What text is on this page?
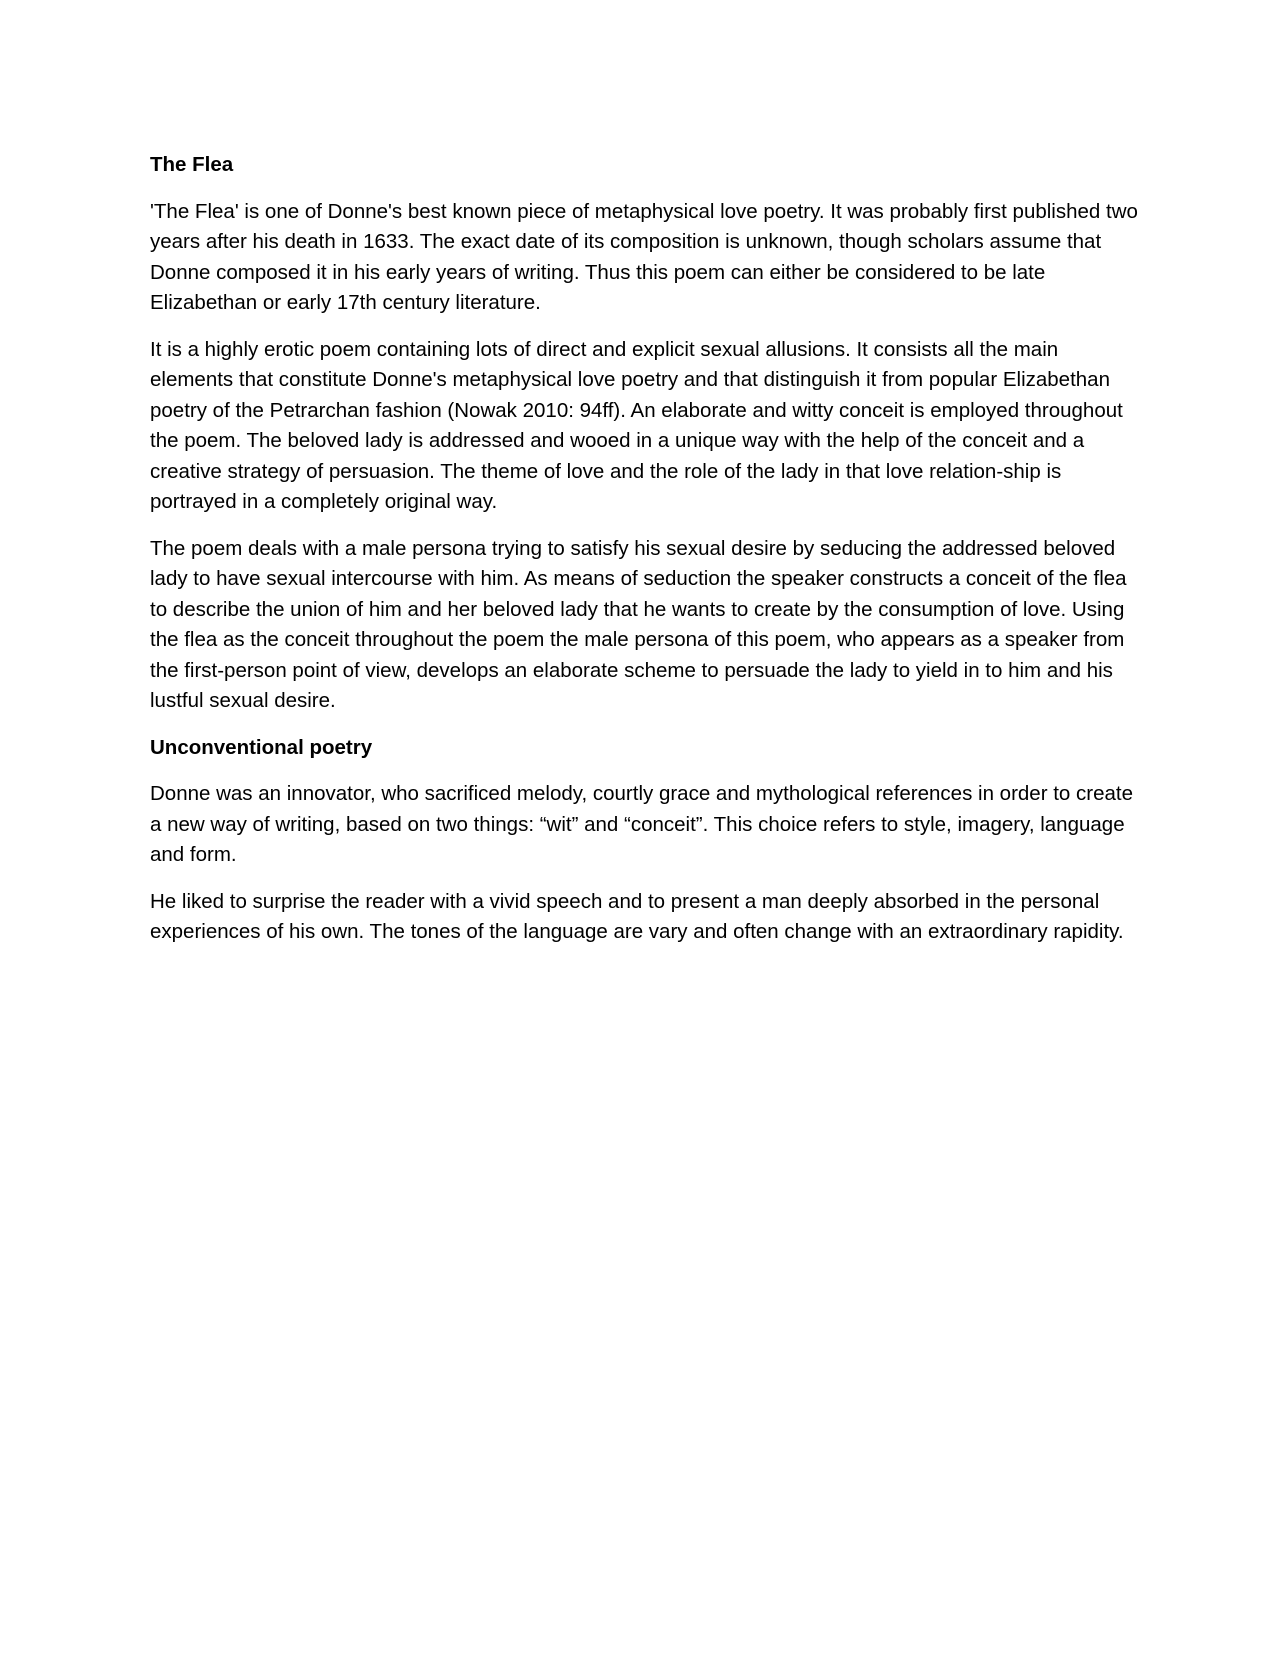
The Flea

'The Flea' is one of Donne's best known piece of metaphysical love poetry. It was probably first published two years after his death in 1633. The exact date of its composition is unknown, though scholars assume that Donne composed it in his early years of writing. Thus this poem can either be considered to be late Elizabethan or early 17th century literature.

It is a highly erotic poem containing lots of direct and explicit sexual allusions. It consists all the main elements that constitute Donne's metaphysical love poetry and that distinguish it from popular Elizabethan poetry of the Petrarchan fashion (Nowak 2010: 94ff). An elaborate and witty conceit is employed throughout the poem. The beloved lady is addressed and wooed in a unique way with the help of the conceit and a creative strategy of persuasion. The theme of love and the role of the lady in that love relation-ship is portrayed in a completely original way.

The poem deals with a male persona trying to satisfy his sexual desire by seducing the addressed beloved lady to have sexual intercourse with him. As means of seduction the speaker constructs a conceit of the flea to describe the union of him and her beloved lady that he wants to create by the consumption of love. Using the flea as the conceit throughout the poem the male persona of this poem, who appears as a speaker from the first-person point of view, develops an elaborate scheme to persuade the lady to yield in to him and his lustful sexual desire.

Unconventional poetry

Donne was an innovator, who sacrificed melody, courtly grace and mythological references in order to create a new way of writing, based on two things: “wit” and “conceit”. This choice refers to style, imagery, language and form.

He liked to surprise the reader with a vivid speech and to present a man deeply absorbed in the personal experiences of his own. The tones of the language are vary and often change with an extraordinary rapidity.
